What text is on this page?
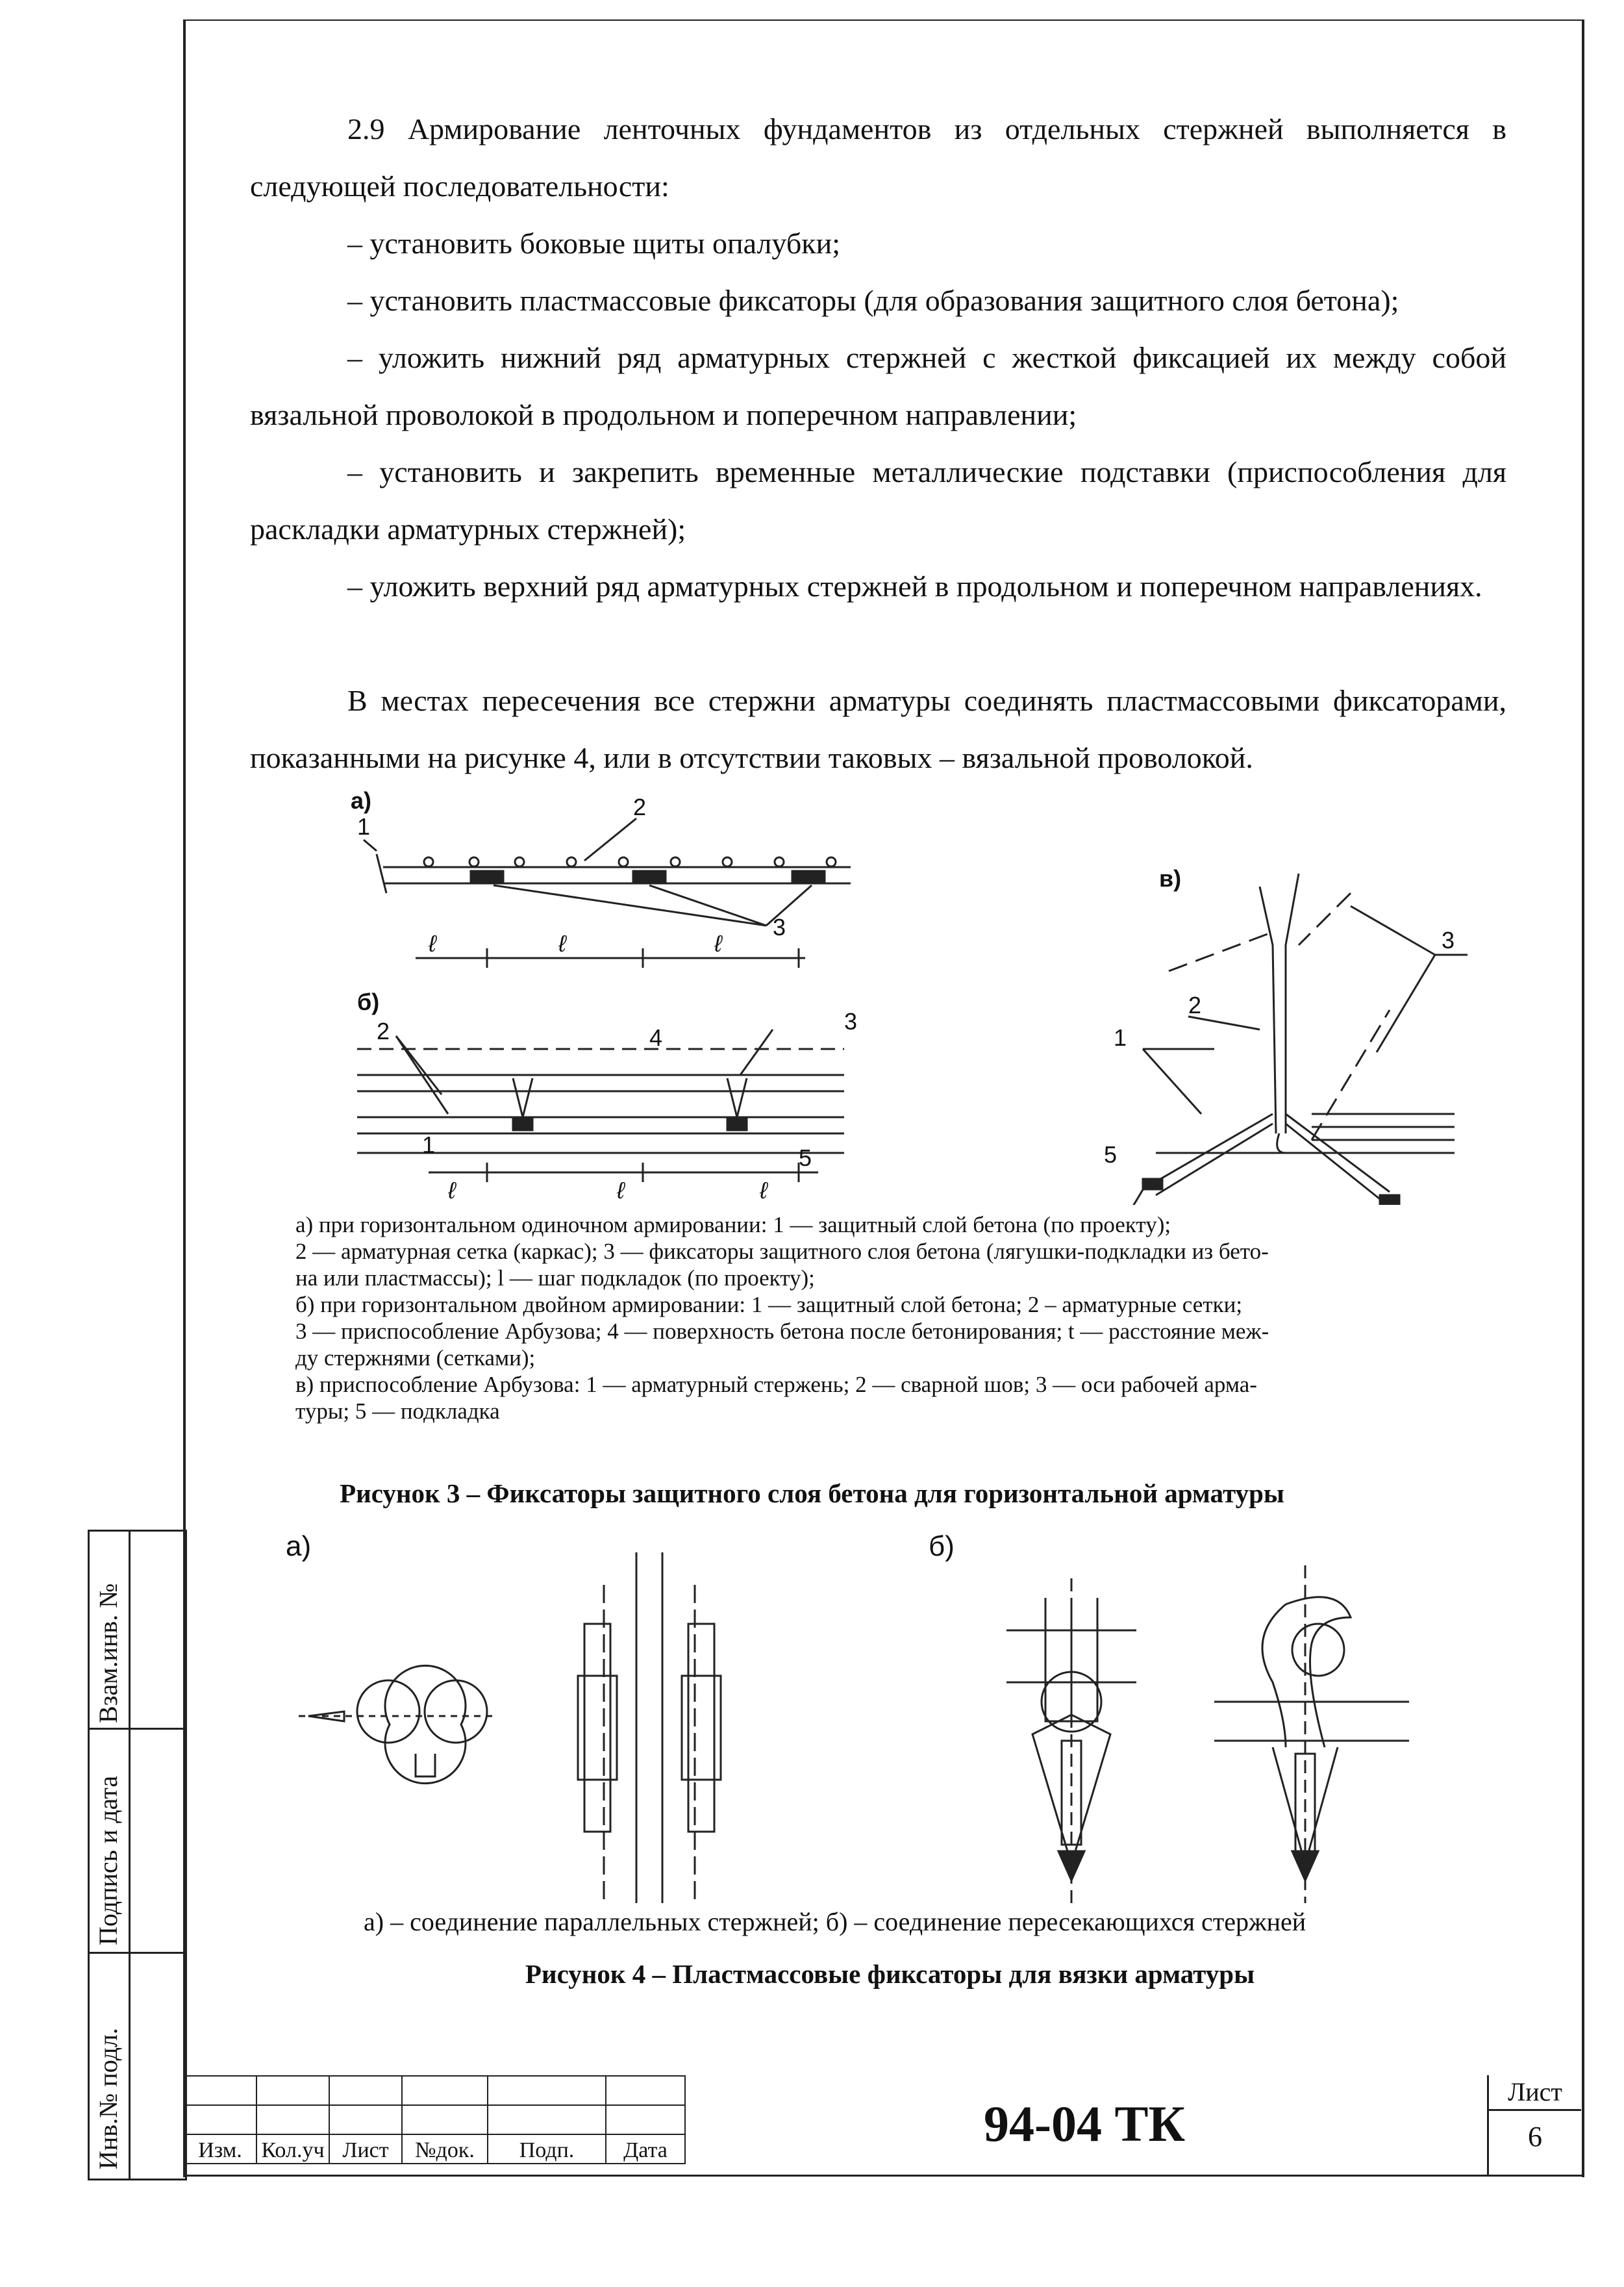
2.9 Армирование ленточных фундаментов из отдельных стержней выполняется в следующей последовательности:

– установить боковые щиты опалубки;

– установить пластмассовые фиксаторы (для образования защитного слоя бетона);

– уложить нижний ряд арматурных стержней с жесткой фиксацией их между собой вязальной проволокой в продольном и поперечном направлении;

– установить и закрепить временные металлические подставки (приспособления для раскладки арматурных стержней);

– уложить верхний ряд арматурных стержней в продольном и поперечном направлениях.

В местах пересечения все стержни арматуры соединять пластмассовыми фиксаторами, показанными на рисунке 4, или в отсутствии таковых – вязальной проволокой.

а)
1
2
3
ℓ	ℓ	ℓ
б)
2	4
3
1	5
ℓ	ℓ	ℓ
в)
2
3
1
5
а) при горизонтальном одиночном армировании: 1 — защитный слой бетона (по проекту);
2 — арматурная сетка (каркас); 3 — фиксаторы защитного слоя бетона (лягушки-подкладки из бето-
на или пластмассы); l — шаг подкладок (по проекту);
б) при горизонтальном двойном армировании: 1 — защитный слой бетона; 2 – арматурные сетки;
3 — приспособление Арбузова; 4 — поверхность бетона после бетонирования; t — расстояние меж-
ду стержнями (сетками);
в) приспособление Арбузова: 1 — арматурный стержень; 2 — сварной шов; 3 — оси рабочей арма-
туры; 5 — подкладка
Рисунок 3 – Фиксаторы защитного слоя бетона для горизонтальной арматуры
а)	б)
а) – соединение параллельных стержней; б) – соединение пересекающихся стержней
Рисунок 4 – Пластмассовые фиксаторы для вязки арматуры
Взам.инв. №
Подпись и дата
Инв.№ подл.

						Изм.	Кол.уч	Лист	№док.	Подп.	Дата	94-04 ТК
Лист
6
